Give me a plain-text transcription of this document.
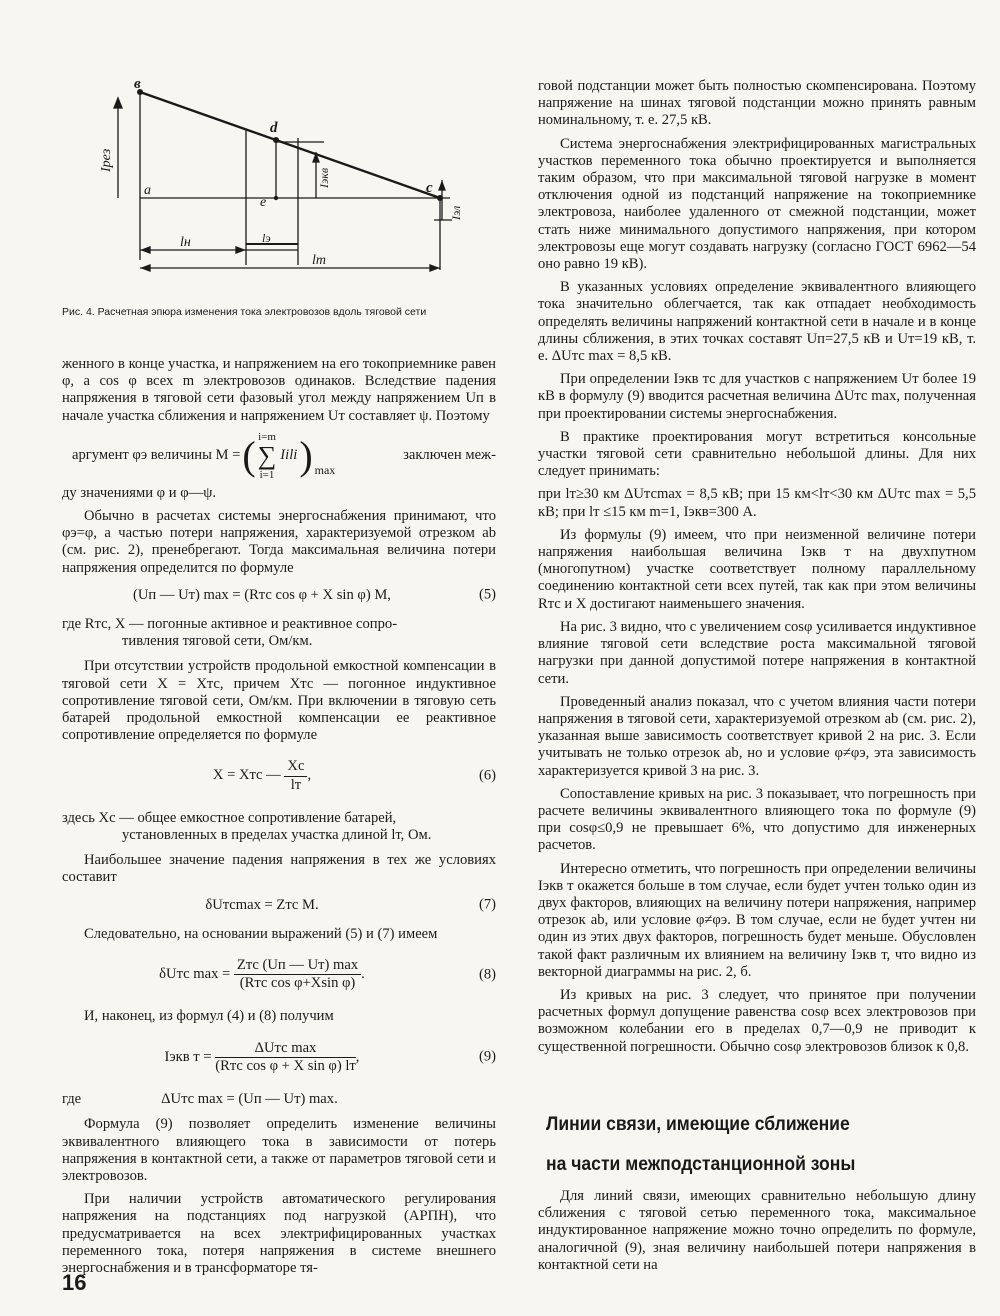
в
d
с
а
е
Iрез
Iэкв
Iэл
lн	lэ
lт
Рис. 4. Расчетная эпюра изменения тока электровозов вдоль тяговой сети

женного в конце участка, и напряжением на его токоприемнике равен φ, а cos φ всех m электровозов одинаков. Вследствие падения напряжения в тяговой сети фазовый угол между напряжением Uп в начале участка сближения и напряжением Uт составляет ψ. Поэтому

аргумент φэ величины M = ( i=m
∑
i=1
Iili ) max
заключен меж-

ду значениями φ и φ—ψ.

Обычно в расчетах системы энергоснабжения принимают, что φэ=φ, а частью потери напряжения, характеризуемой отрезком ab (см. рис. 2), пренебрегают. Тогда максимальная величина потери напряжения определится по формуле

(Uп — Uт) max = (Rтс cos φ + X sin φ) M,	(5)
где Rтс, X — погонные активное и реактивное сопро-
тивления тяговой сети, Ом/км.

При отсутствии устройств продольной емкостной компенсации в тяговой сети X = Xтс, причем Xтс — погонное индуктивное сопротивление тяговой сети, Ом/км. При включении в тяговую сеть батарей продольной емкостной компенсации ее реактивное сопротивление определяется по формуле

X = Xтс — $\frac{Xc}{lт}$ ,	(6)
здесь Xc — общее емкостное сопротивление батарей,
установленных в пределах участка длиной lт, Ом.

Наибольшее значение падения напряжения в тех же условиях составит

δUтсmax = Zтс M.	(7)

Следовательно, на основании выражений (5) и (7) имеем

δUтс $\max = \frac{\text{Zтс (Uп — Uт) max}}{\text{(Rтс cos φ+Xsin φ)}}$ .	(8)

И, наконец, из формул (4) и (8) получим

Iэкв $т = \frac{\text{ΔUтс max}}{\text{(Rтс cos φ + X sin φ) lт}}$ ,	(9)
где	ΔUтс max = (Uп — Uт) max.

Формула (9) позволяет определить изменение величины эквивалентного влияющего тока в зависимости от потерь напряжения в контактной сети, а также от параметров тяговой сети и электровозов.

При наличии устройств автоматического регулирования напряжения на подстанциях под нагрузкой (АРПН), что предусматривается на всех электрифицированных участках переменного тока, потеря напряжения в системе внешнего энергоснабжения и в трансформаторе тя-

говой подстанции может быть полностью скомпенсирована. Поэтому напряжение на шинах тяговой подстанции можно принять равным номинальному, т. е. 27,5 кВ.

Система энергоснабжения электрифицированных магистральных участков переменного тока обычно проектируется и выполняется таким образом, что при максимальной тяговой нагрузке в момент отключения одной из подстанций напряжение на токоприемнике электровоза, наиболее удаленного от смежной подстанции, может стать ниже минимального допустимого напряжения, при котором электровозы еще могут создавать нагрузку (согласно ГОСТ 6962—54 оно равно 19 кВ).

В указанных условиях определение эквивалентного влияющего тока значительно облегчается, так как отпадает необходимость определять величины напряжений контактной сети в начале и в конце длины сближения, в этих точках составят Uп=27,5 кВ и Uт=19 кВ, т. е. ΔUтс max = 8,5 кВ.

При определении Iэкв тс для участков с напряжением Uт более 19 кВ в формулу (9) вводится расчетная величина ΔUтс max, полученная при проектировании системы энергоснабжения.

В практике проектирования могут встретиться консольные участки тяговой сети сравнительно небольшой длины. Для них следует принимать:

при lт≥30 км ΔUтсmax = 8,5 кВ; при 15 км<lт<30 км ΔUтс max = 5,5 кВ; при lт ≤15 км m=1, Iэкв=300 А.

Из формулы (9) имеем, что при неизменной величине потери напряжения наибольшая величина Iэкв т на двухпутном (многопутном) участке соответствует полному параллельному соединению контактной сети всех путей, так как при этом величины Rтс и X достигают наименьшего значения.

На рис. 3 видно, что с увеличением cosφ усиливается индуктивное влияние тяговой сети вследствие роста максимальной тяговой нагрузки при данной допустимой потере напряжения в контактной сети.

Проведенный анализ показал, что с учетом влияния части потери напряжения в тяговой сети, характеризуемой отрезком ab (см. рис. 2), указанная выше зависимость соответствует кривой 2 на рис. 3. Если учитывать не только отрезок ab, но и условие φ≠φэ, эта зависимость характеризуется кривой 3 на рис. 3.

Сопоставление кривых на рис. 3 показывает, что погрешность при расчете величины эквивалентного влияющего тока по формуле (9) при cosφ≤0,9 не превышает 6%, что допустимо для инженерных расчетов.

Интересно отметить, что погрешность при определении величины Iэкв т окажется больше в том случае, если будет учтен только один из двух факторов, влияющих на величину потери напряжения, например отрезок ab, или условие φ≠φэ. В том случае, если не будет учтен ни один из этих двух факторов, погрешность будет меньше. Обусловлен такой факт различным их влиянием на величину Iэкв т, что видно из векторной диаграммы на рис. 2, б.

Из кривых на рис. 3 следует, что принятое при получении расчетных формул допущение равенства cosφ всех электровозов при возможном колебании его в пределах 0,7—0,9 не приводит к существенной погрешности. Обычно cosφ электровозов близок к 0,8.

Линии связи, имеющие сближение
на части межподстанционной зоны

Для линий связи, имеющих сравнительно небольшую длину сближения с тяговой сетью переменного тока, максимальное индуктированное напряжение можно точно определить по формуле, аналогичной (9), зная величину наибольшей потери напряжения в контактной сети на

16
